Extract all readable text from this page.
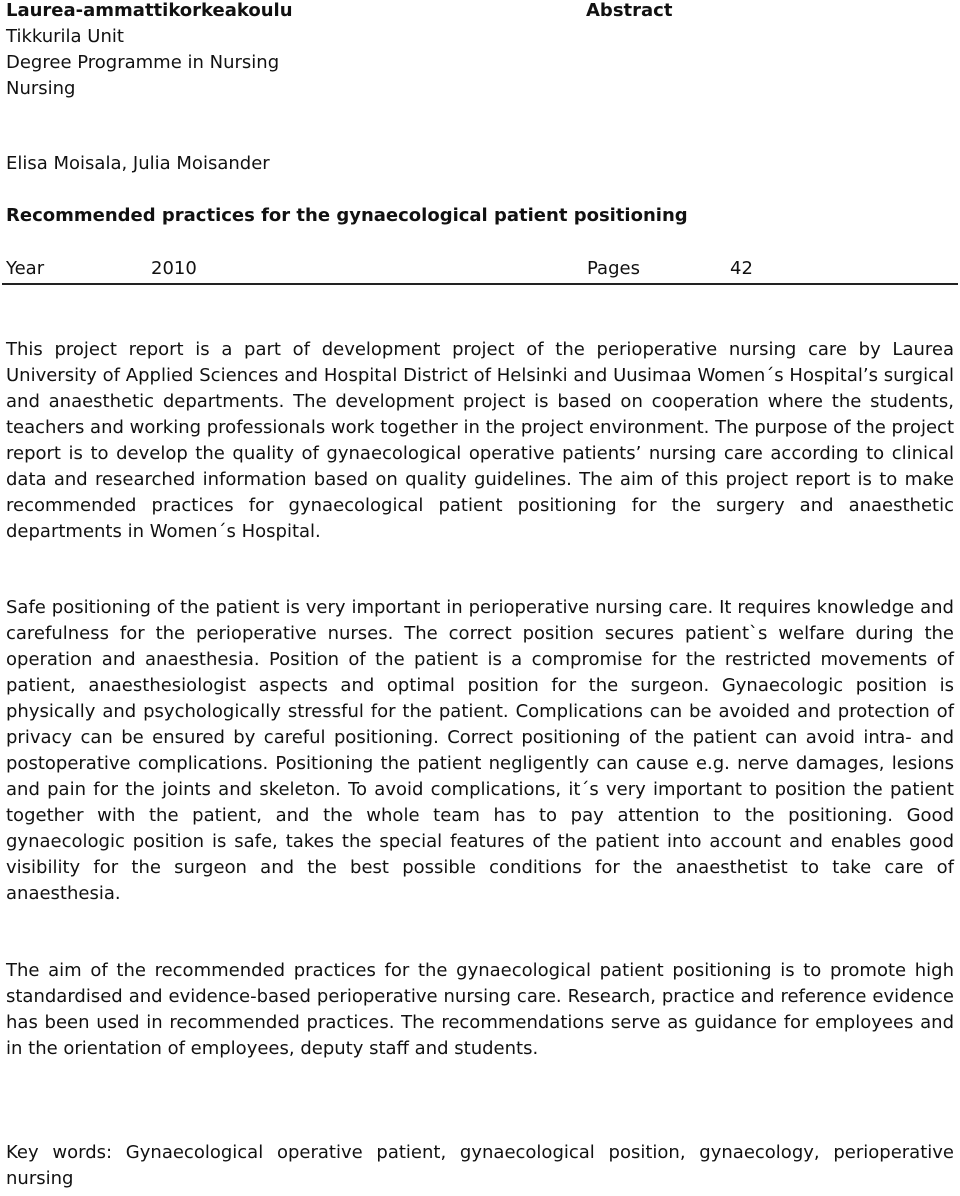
Laurea-ammattikorkeakoulu
Tikkurila Unit
Degree Programme in Nursing
Nursing
Abstract
Elisa Moisala, Julia Moisander
Recommended practices for the gynaecological patient positioning
Year	2010	Pages	42

This project report is a part of development project of the perioperative nursing care by Laurea University of Applied Sciences and Hospital District of Helsinki and Uusimaa Women´s Hospital’s surgical and anaesthetic departments. The development project is based on cooperation where the students, teachers and working professionals work together in the project environment. The purpose of the project report is to develop the quality of gynaecological operative patients’ nursing care according to clinical data and researched information based on quality guidelines. The aim of this project report is to make recommended practices for gynaecological patient positioning for the surgery and anaesthetic departments in Women´s Hospital.

Safe positioning of the patient is very important in perioperative nursing care. It requires knowledge and carefulness for the perioperative nurses. The correct position secures patient`s welfare during the operation and anaesthesia. Position of the patient is a compromise for the restricted movements of patient, anaesthesiologist aspects and optimal position for the surgeon. Gynaecologic position is physically and psychologically stressful for the patient. Complications can be avoided and protection of privacy can be ensured by careful positioning. Correct positioning of the patient can avoid intra- and postoperative complications. Positioning the patient negligently can cause e.g. nerve damages, lesions and pain for the joints and skeleton. To avoid complications, it´s very important to position the patient together with the patient, and the whole team has to pay attention to the positioning. Good gynaecologic position is safe, takes the special features of the patient into account and enables good visibility for the surgeon and the best possible conditions for the anaesthetist to take care of anaesthesia.

The aim of the recommended practices for the gynaecological patient positioning is to promote high standardised and evidence-based perioperative nursing care. Research, practice and reference evidence has been used in recommended practices. The recommendations serve as guidance for employees and in the orientation of employees, deputy staff and students.

Key words: Gynaecological operative patient, gynaecological position, gynaecology, perioperative nursing
